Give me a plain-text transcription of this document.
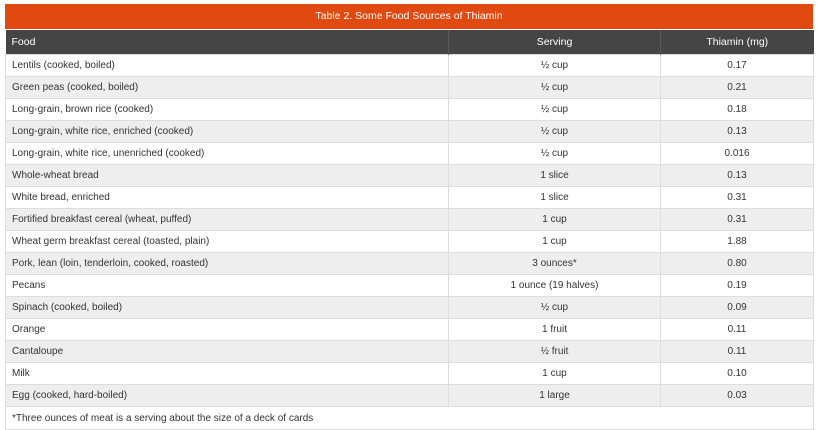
Table 2. Some Food Sources of Thiamin
Food	Serving	Thiamin (mg)
Lentils (cooked, boiled)	½ cup	0.17
Green peas (cooked, boiled)	½ cup	0.21
Long-grain, brown rice (cooked)	½ cup	0.18
Long-grain, white rice, enriched (cooked)	½ cup	0.13
Long-grain, white rice, unenriched (cooked)	½ cup	0.016
Whole-wheat bread	1 slice	0.13
White bread, enriched	1 slice	0.31
Fortified breakfast cereal (wheat, puffed)	1 cup	0.31
Wheat germ breakfast cereal (toasted, plain)	1 cup	1.88
Pork, lean (loin, tenderloin, cooked, roasted)	3 ounces*	0.80
Pecans	1 ounce (19 halves)	0.19
Spinach (cooked, boiled)	½ cup	0.09
Orange	1 fruit	0.11
Cantaloupe	½ fruit	0.11
Milk	1 cup	0.10
Egg (cooked, hard-boiled)	1 large	0.03
*Three ounces of meat is a serving about the size of a deck of cards		
